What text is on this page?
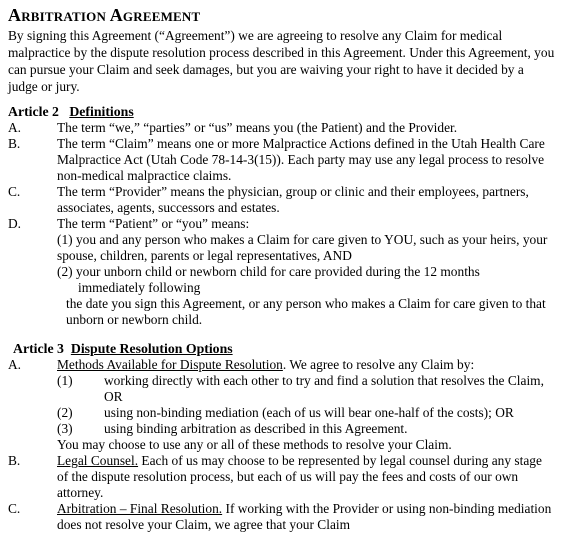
Arbitration Agreement

By signing this Agreement (“Agreement”) we are agreeing to resolve any Claim for medical malpractice by the dispute resolution process described in this Agreement. Under this Agreement, you can pursue your Claim and seek damages, but you are waiving your right to have it decided by a judge or jury.

Article 2 Definitions

A.	The term “we,” “parties” or “us” means you (the Patient) and the Provider.
B.	The term “Claim” means one or more Malpractice Actions defined in the Utah Health Care Malpractice Act (Utah Code 78-14-3(15)). Each party may use any legal process to resolve non-medical malpractice claims.
C.	The term “Provider” means the physician, group or clinic and their employees, partners, associates, agents, successors and estates.
D.	The term “Patient” or “you” means:
(1) you and any person who makes a Claim for care given to YOU, such as your heirs, your spouse, children, parents or legal representatives, AND
(2) your unborn child or newborn child for care provided during the 12 months
immediately following
the date you sign this Agreement, or any person who makes a Claim for care given to that unborn or newborn child.

Article 3 Dispute Resolution Options

A.	Methods Available for Dispute Resolution. We agree to resolve any Claim by:
(1) working directly with each other to try and find a solution that resolves the Claim, OR
(2) using non-binding mediation (each of us will bear one-half of the costs); OR
(3) using binding arbitration as described in this Agreement.
You may choose to use any or all of these methods to resolve your Claim.
B.	Legal Counsel. Each of us may choose to be represented by legal counsel during any stage of the dispute resolution process, but each of us will pay the fees and costs of our own attorney.
C.	Arbitration – Final Resolution. If working with the Provider or using non-binding mediation does not resolve your Claim, we agree that your Claim
